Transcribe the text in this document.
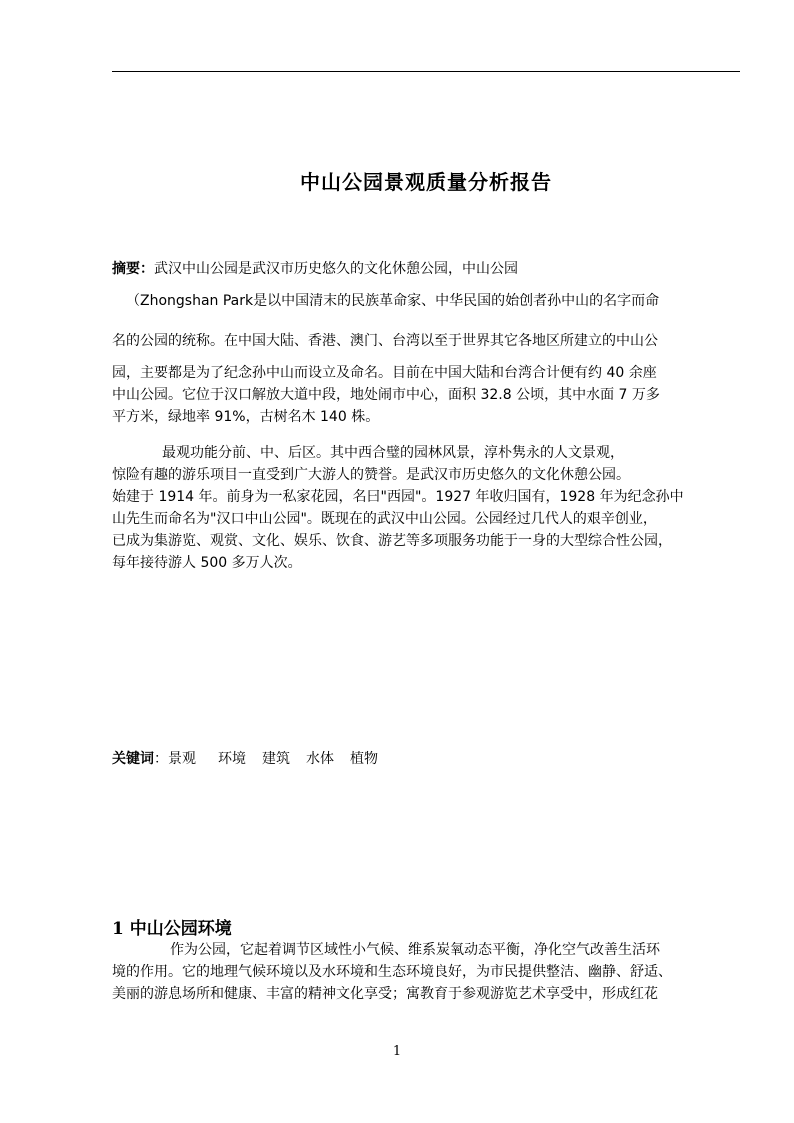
中山公园景观质量分析报告
摘要：武汉中山公园是武汉市历史悠久的文化休憩公园，中山公园
（Zhongshan Park是以中国清末的民族革命家、中华民国的始创者孙中山的名字而命
名的公园的统称。在中国大陆、香港、澳门、台湾以至于世界其它各地区所建立的中山公
园，主要都是为了纪念孙中山而设立及命名。目前在中国大陆和台湾合计便有约 40 余座
中山公园。它位于汉口解放大道中段，地处闹市中心，面积 32.8 公顷，其中水面 7 万多
平方米，绿地率 91%，古树名木 140 株。
最观功能分前、中、后区。其中西合璧的园林风景，淳朴隽永的人文景观，
惊险有趣的游乐项目一直受到广大游人的赞誉。是武汉市历史悠久的文化休憩公园。
始建于 1914 年。前身为一私家花园，名曰"西园"。1927 年收归国有，1928 年为纪念孙中
山先生而命名为"汉口中山公园"。既现在的武汉中山公园。公园经过几代人的艰辛创业，
已成为集游览、观赏、文化、娱乐、饮食、游艺等多项服务功能于一身的大型综合性公园，
每年接待游人 500 多万人次。
关键词：景观 环境 建筑 水体 植物
1 中山公园环境
作为公园，它起着调节区域性小气候、维系炭氧动态平衡，净化空气改善生活环
境的作用。它的地理气候环境以及水环境和生态环境良好，为市民提供整洁、幽静、舒适、
美丽的游息场所和健康、丰富的精神文化享受；寓教育于参观游览艺术享受中，形成红花
1
